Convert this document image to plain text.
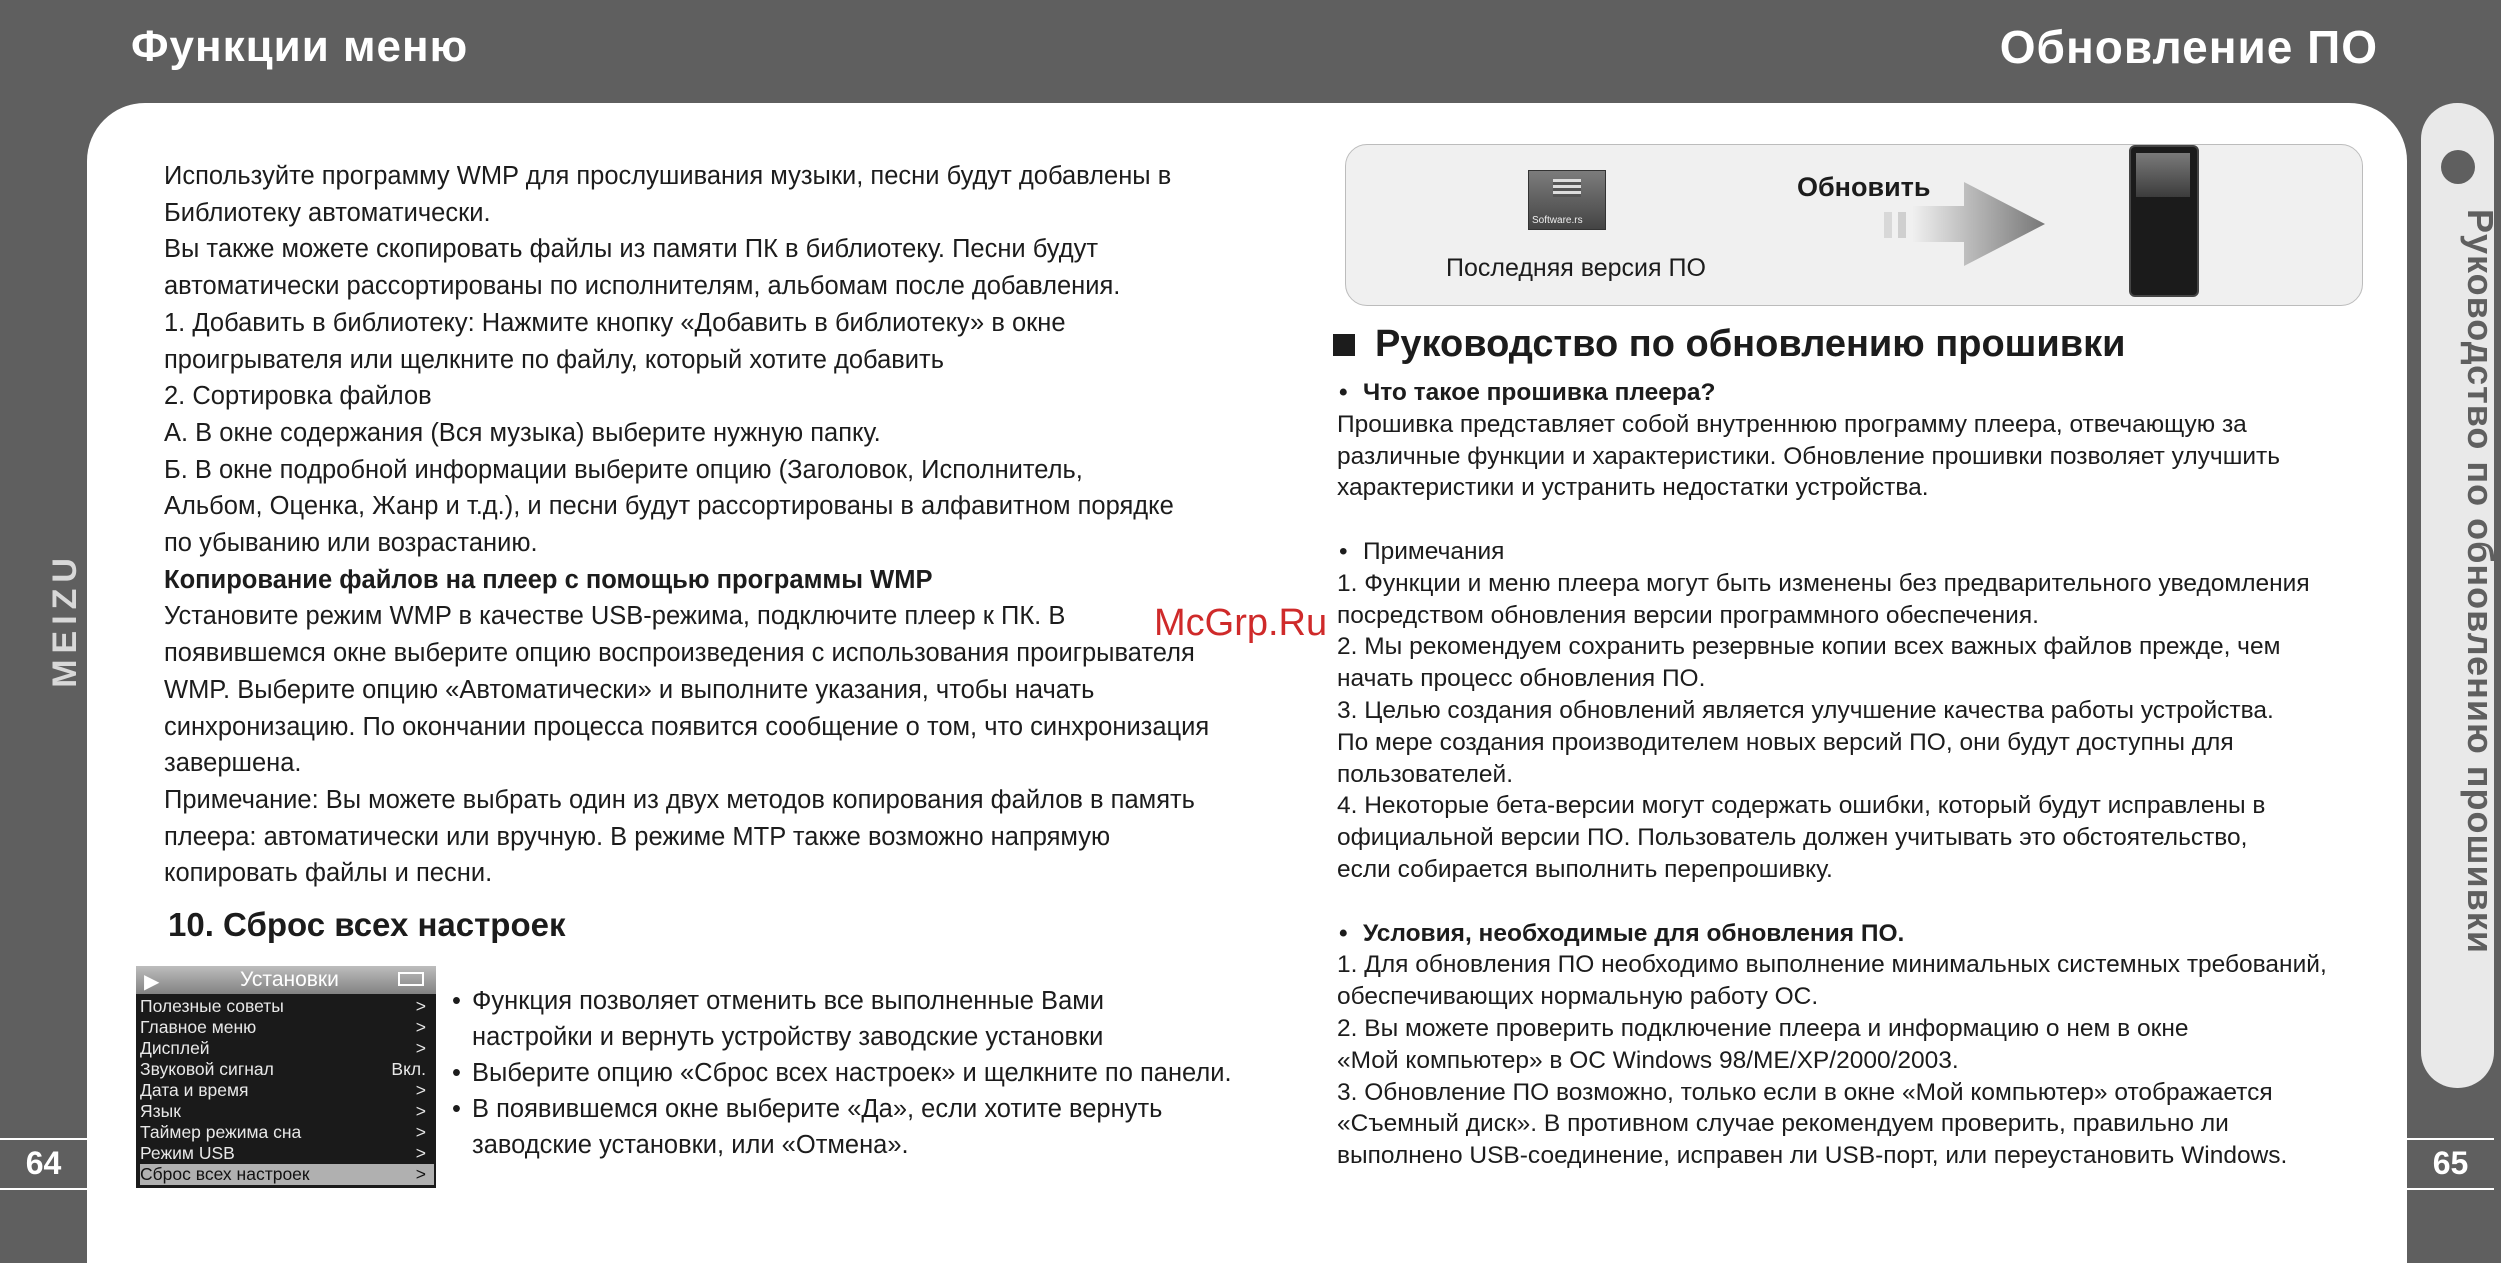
Функции меню	Обновление ПО
Руководство по обновлению прошивки
MEIZU
64	65

Используйте программу WMP для прослушивания музыки, песни будут добавлены в

Библиотеку автоматически.

Вы также можете скопировать файлы из памяти ПК в библиотеку. Песни будут

автоматически рассортированы по исполнителям, альбомам после добавления.

1. Добавить в библиотеку: Нажмите кнопку «Добавить в библиотеку» в окне

проигрывателя или щелкните по файлу, который хотите добавить

2. Сортировка файлов

А. В окне содержания (Вся музыка) выберите нужную папку.

Б. В окне подробной информации выберите опцию (Заголовок, Исполнитель,

Альбом, Оценка, Жанр и т.д.), и песни будут рассортированы в алфавитном порядке

по убыванию или возрастанию.

Копирование файлов на плеер с помощью программы WMP

Установите режим WMP в качестве USB-режима, подключите плеер к ПК. В

появившемся окне выберите опцию воспроизведения с использования проигрывателя

WMP. Выберите опцию «Автоматически» и выполните указания, чтобы начать

синхронизацию. По окончании процесса появится сообщение о том, что синхронизация

завершена.

Примечание: Вы можете выбрать один из двух методов копирования файлов в память

плеера: автоматически или вручную. В режиме MTP также возможно напрямую

копировать файлы и песни.

10. Сброс всех настроек
▶	Установки
Полезные советы	>
Главное меню	>
Дисплей	>
Звуковой сигнал	Вкл.
Дата и время	>
Язык	>
Таймер режима сна	>
Режим USB	>
Сброс всех настроек	>
• Функция позволяет отменить все выполненные Вами
настройки и вернуть устройству заводские установки
• Выберите опцию «Сброс всех настроек» и щелкните по панели.
• В появившемся окне выберите «Да», если хотите вернуть
заводские установки, или «Отмена».
Software.rs
Последняя версия ПО
Обновить
Руководство по обновлению прошивки

• Что такое прошивка плеера?

Прошивка представляет собой внутреннюю программу плеера, отвечающую за

различные функции и характеристики. Обновление прошивки позволяет улучшить

характеристики и устранить недостатки устройства.

• Примечания

1. Функции и меню плеера могут быть изменены без предварительного уведомления

посредством обновления версии программного обеспечения.

2. Мы рекомендуем сохранить резервные копии всех важных файлов прежде, чем

начать процесс обновления ПО.

3. Целью создания обновлений является улучшение качества работы устройства.

По мере создания производителем новых версий ПО, они будут доступны для

пользователей.

4. Некоторые бета-версии могут содержать ошибки, который будут исправлены в

официальной версии ПО. Пользователь должен учитывать это обстоятельство,

если собирается выполнить перепрошивку.

• Условия, необходимые для обновления ПО.

1. Для обновления ПО необходимо выполнение минимальных системных требований,

обеспечивающих нормальную работу ОС.

2. Вы можете проверить подключение плеера и информацию о нем в окне

«Мой компьютер» в ОС Windows 98/ME/XP/2000/2003.

3. Обновление ПО возможно, только если в окне «Мой компьютер» отображается

«Съемный диск». В противном случае рекомендуем проверить, правильно ли

выполнено USB-соединение, исправен ли USB-порт, или переустановить Windows.

McGrp.Ru
